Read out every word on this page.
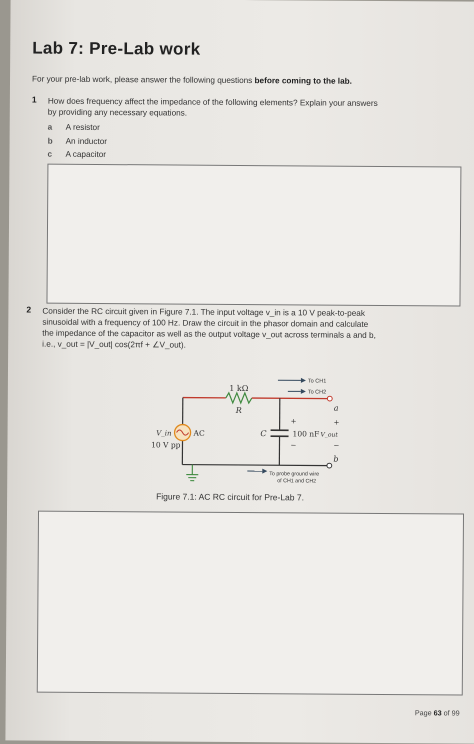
Lab 7: Pre-Lab work
For your pre-lab work, please answer the following questions before coming to the lab.
1 How does frequency affect the impedance of the following elements? Explain your answers
by providing any necessary equations.
a A resistor
b An inductor
c A capacitor
2 Consider the RC circuit given in Figure 7.1. The input voltage v_in is a 10 V peak-to-peak
sinusoidal with a frequency of 100 Hz. Draw the circuit in the phasor domain and calculate
the impedance of the capacitor as well as the output voltage v_out across terminals a and b,
i.e., v_out = |V_out| cos(2πf + ∠V_out).
1 kΩ
R
To CH1
To CH2
a
b
+	+
−	−
C	100 nF V_out
V_in	AC
10 V pp
To probe ground wire
of CH1 and CH2
Figure 7.1: AC RC circuit for Pre-Lab 7.
Page 63 of 99
